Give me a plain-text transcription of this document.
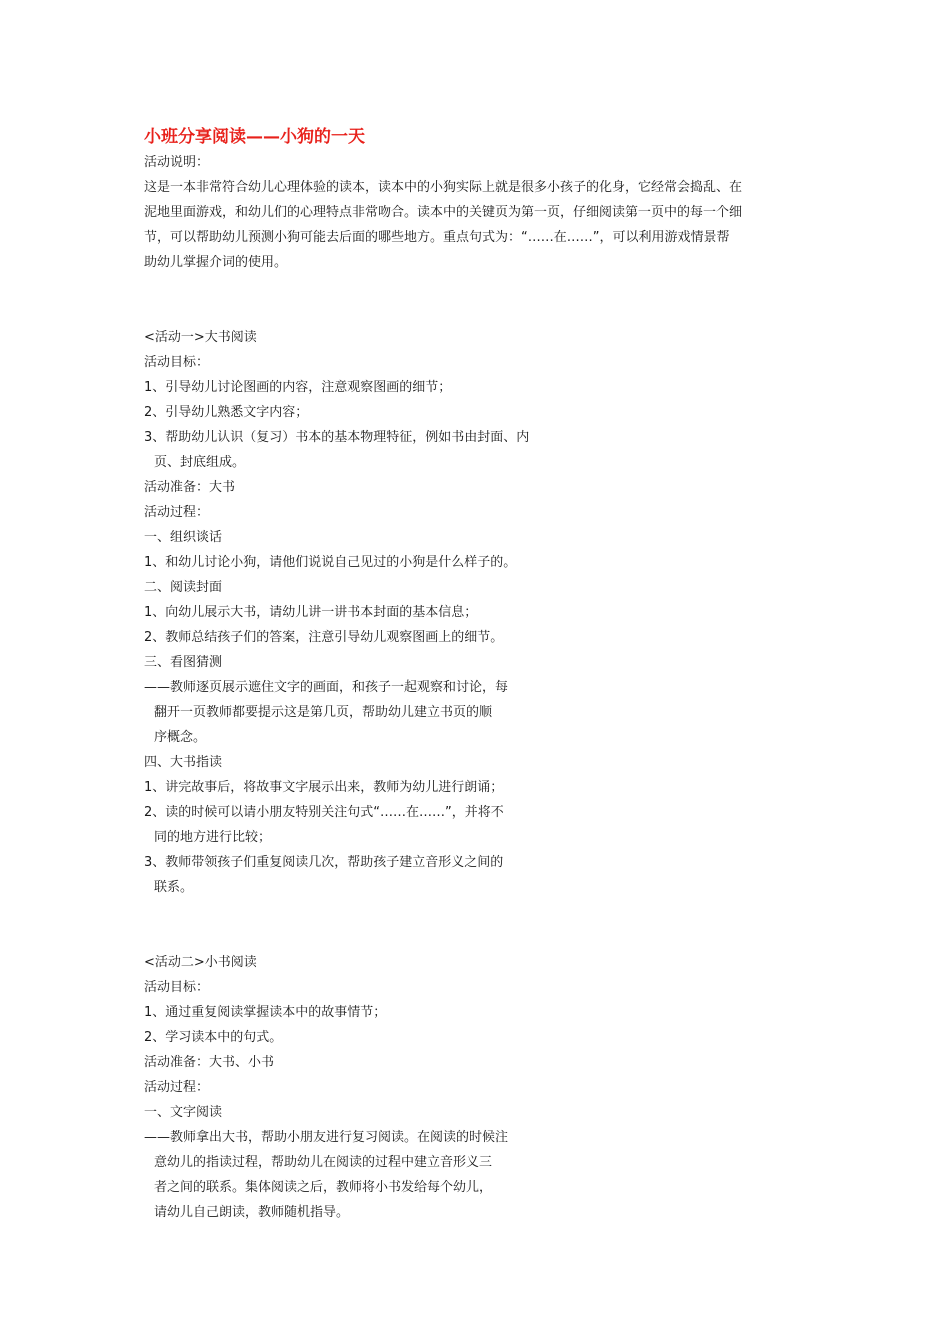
小班分享阅读——小狗的一天
活动说明：
这是一本非常符合幼儿心理体验的读本，读本中的小狗实际上就是很多小孩子的化身，它经常会捣乱、在
泥地里面游戏，和幼儿们的心理特点非常吻合。读本中的关键页为第一页，仔细阅读第一页中的每一个细
节，可以帮助幼儿预测小狗可能去后面的哪些地方。重点句式为：“……在……”，可以利用游戏情景帮
助幼儿掌握介词的使用。
<活动一>大书阅读
活动目标：
1、引导幼儿讨论图画的内容，注意观察图画的细节；
2、引导幼儿熟悉文字内容；
3、帮助幼儿认识（复习）书本的基本物理特征，例如书由封面、内
页、封底组成。
活动准备：大书
活动过程：
一、组织谈话
1、和幼儿讨论小狗，请他们说说自己见过的小狗是什么样子的。
二、阅读封面
1、向幼儿展示大书，请幼儿讲一讲书本封面的基本信息；
2、教师总结孩子们的答案，注意引导幼儿观察图画上的细节。
三、看图猜测
——教师逐页展示遮住文字的画面，和孩子一起观察和讨论，每
翻开一页教师都要提示这是第几页，帮助幼儿建立书页的顺
序概念。
四、大书指读
1、讲完故事后，将故事文字展示出来，教师为幼儿进行朗诵；
2、读的时候可以请小朋友特别关注句式“……在……”，并将不
同的地方进行比较；
3、教师带领孩子们重复阅读几次，帮助孩子建立音形义之间的
联系。
<活动二>小书阅读
活动目标：
1、通过重复阅读掌握读本中的故事情节；
2、学习读本中的句式。
活动准备：大书、小书
活动过程：
一、文字阅读
——教师拿出大书，帮助小朋友进行复习阅读。在阅读的时候注
意幼儿的指读过程，帮助幼儿在阅读的过程中建立音形义三
者之间的联系。集体阅读之后，教师将小书发给每个幼儿，
请幼儿自己朗读，教师随机指导。
